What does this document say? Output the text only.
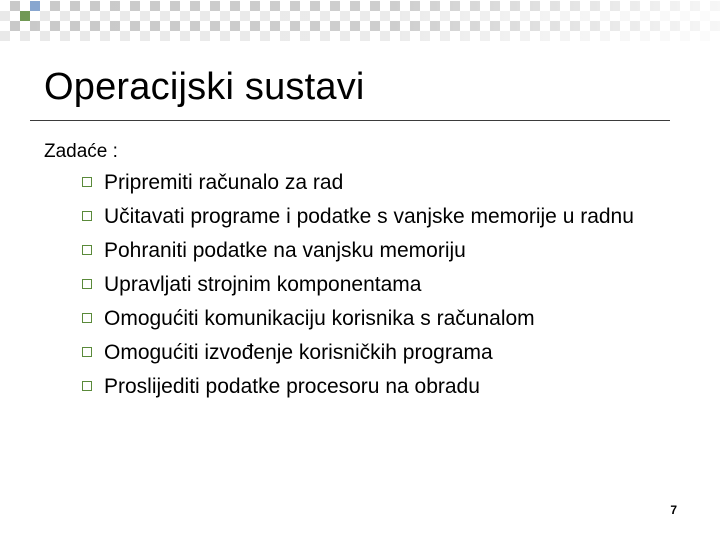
Operacijski sustavi
Zadaće :
Pripremiti računalo za rad
Učitavati programe i podatke s vanjske memorije u radnu
Pohraniti podatke na vanjsku memoriju
Upravljati strojnim komponentama
Omogućiti komunikaciju korisnika s računalom
Omogućiti izvođenje korisničkih programa
Proslijediti podatke procesoru na obradu
7
